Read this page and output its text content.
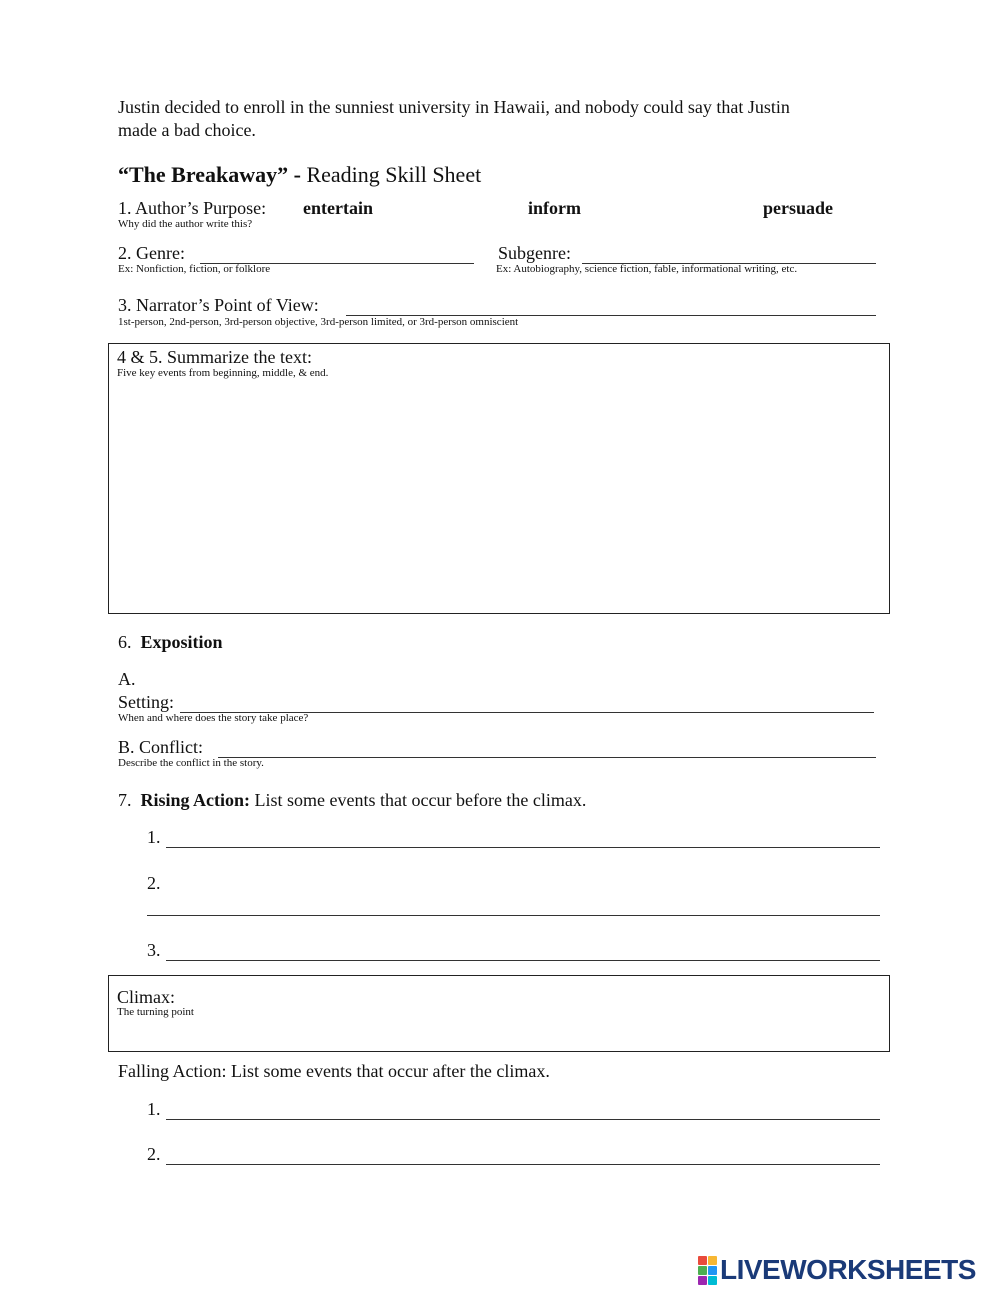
Justin decided to enroll in the sunniest university in Hawaii, and nobody could say that Justin
made a bad choice.
“The Breakaway” - Reading Skill Sheet
1. Author’s Purpose: entertain	inform	persuade
Why did the author write this?
2. Genre:
Ex: Nonfiction, fiction, or folklore
Subgenre:
Ex: Autobiography, science fiction, fable, informational writing, etc.
3. Narrator’s Point of View:
1st-person, 2nd-person, 3rd-person objective, 3rd-person limited, or 3rd-person omniscient
4 & 5. Summarize the text:
Five key events from beginning, middle, & end.
6. Exposition
A.
Setting:
When and where does the story take place?
B. Conflict:
Describe the conflict in the story.
7. Rising Action: List some events that occur before the climax.
1.
2.
3.
Climax:
The turning point
Falling Action: List some events that occur after the climax.
1.
2.
LIVEWORKSHEETS
